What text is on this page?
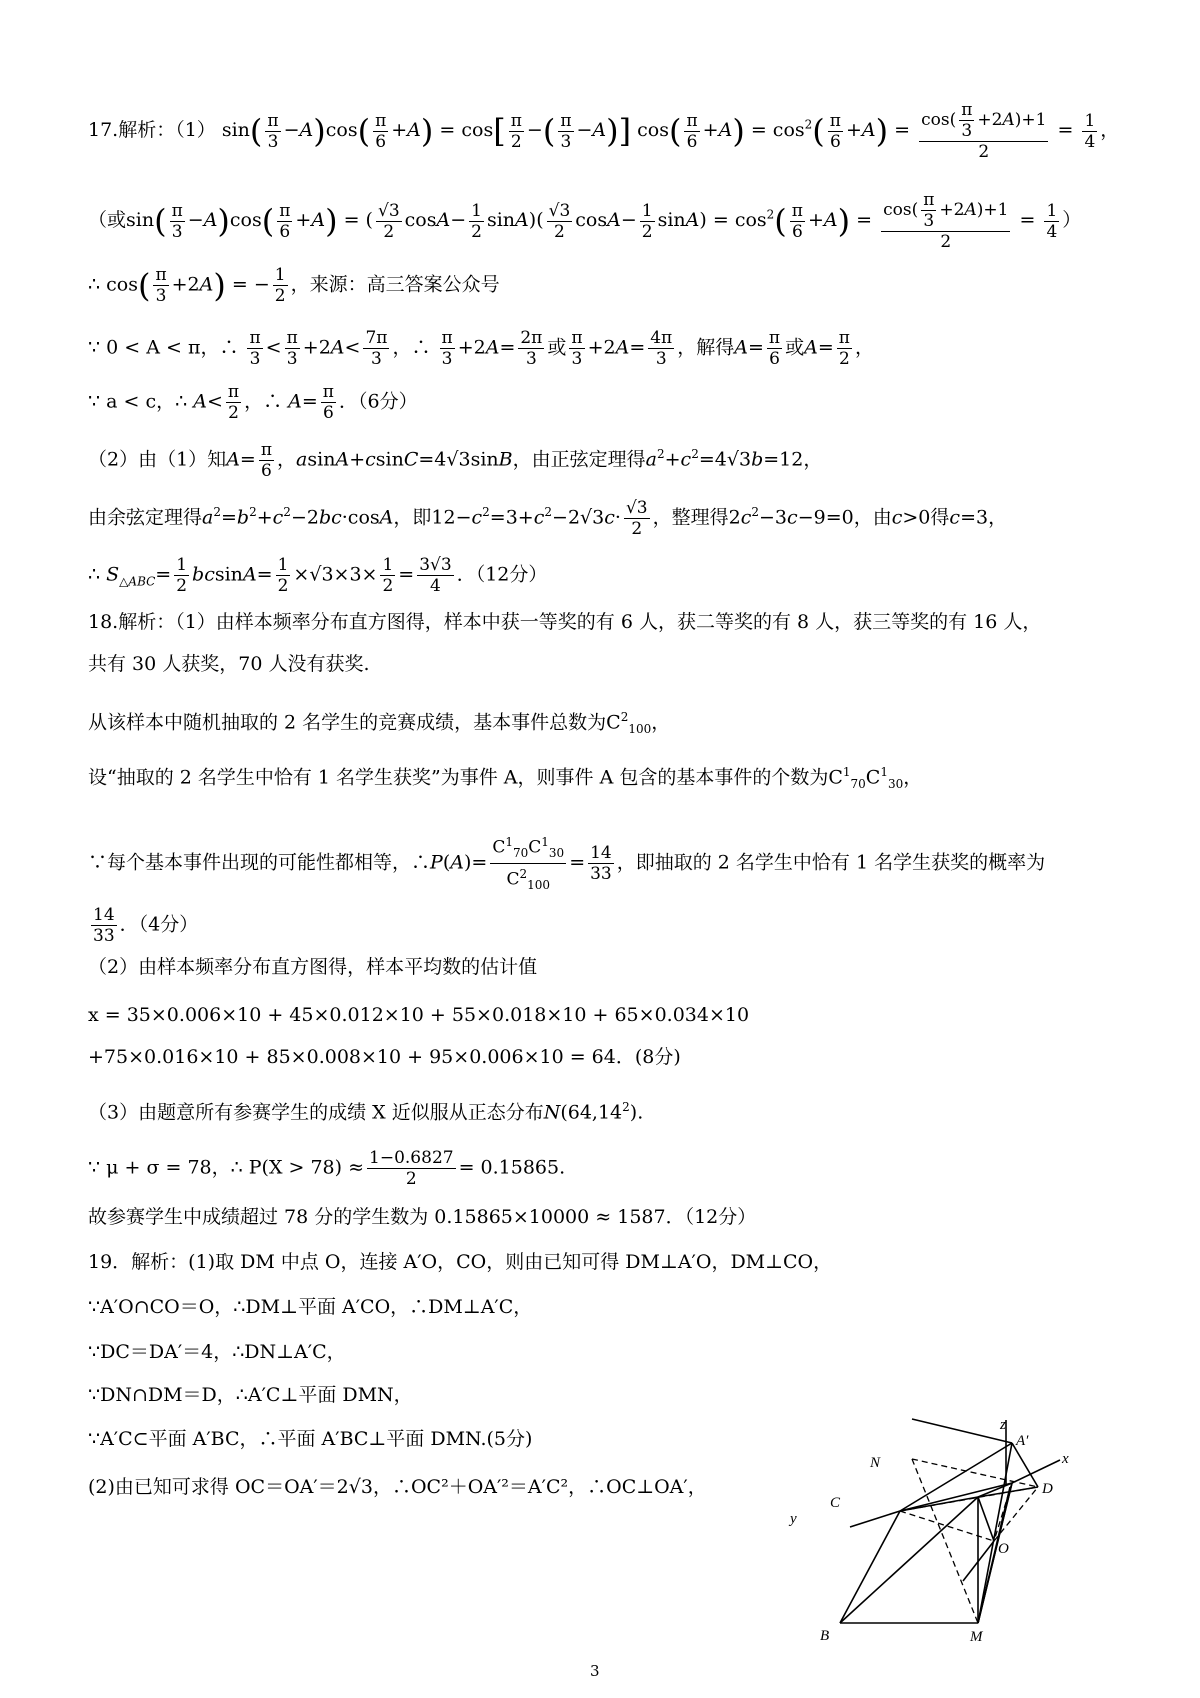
17.解析：（1） $\sin( \frac{\pi}{3} -A)\cos( \frac{\pi}{6} +A) = \cos[ \frac{\pi}{2}$ −( $\frac{\pi}{3} -A$)] $\cos( \frac{\pi}{6} +A) = \cos^2( \frac{\pi}{6} +A) = \frac{\cos( \frac{\pi}{3} +2A)+1}{2} = \frac{1}{4}$ ，
（或$\sin( \frac{\pi}{3} -A)\cos( \frac{\pi}{6} +A)$ = ( $\frac{√3}{2} \cos A- \frac{1}{2} \sin A)( \frac{√3}{2} \cos A- \frac{1}{2} \sin A) = \cos^2( \frac{\pi}{6} +A) = \frac{\cos( \frac{\pi}{3} +2A)+1}{2} = \frac{1}{4}$ ）
∴ $\cos( \frac{\pi}{3} +2A)$ = − $\frac{1}{2}$ ，来源：高三答案公众号
∵ 0 < A < π，∴ $\frac{\pi}{3} < \frac{\pi}{3} +2A< \frac{7\pi}{3}$ ，∴ $\frac{\pi}{3} +2A= \frac{2\pi}{3}$ 或 $\frac{\pi}{3} +2A= \frac{4\pi}{3}$ ，解得$A= \frac{\pi}{6}$ 或$A= \frac{\pi}{2}$ ，
∵ a < c，∴ $A< \frac{\pi}{2}$ ，∴ $A= \frac{\pi}{6}$ ．（6分）
（2）由（1）知$A= \frac{\pi}{6}$ ，asinA+csinC=4√3sinB，由正弦定理得$a^2+c^2=4√3b=12$，
由余弦定理得$a^2=b^2+c^2-2bc\cdot\cos A$，即$12-c^2=3+c^2-2√3c\cdot \frac{√3}{2}$ ，整理得$2c^2-3c-9=0$，由c>0得c=3，
∴ $S_{\triangle ABC}= \frac{1}{2} bcsinA= \frac{1}{2} \times√3\times 3\times \frac{1}{2} = \frac{3√3}{4}$ ．（12分）
18.解析：（1）由样本频率分布直方图得，样本中获一等奖的有 6 人，获二等奖的有 8 人，获三等奖的有 16 人，
共有 30 人获奖，70 人没有获奖.
从该样本中随机抽取的 2 名学生的竞赛成绩，基本事件总数为$C^2_{100}$，
设“抽取的 2 名学生中恰有 1 名学生获奖”为事件 A，则事件 A 包含的基本事件的个数为$C^1_{70}C^1_{30}$，
∵每个基本事件出现的可能性都相等，∴P(A)= $\frac{C^1_{70}C^1_{30}}{C^2_{100}} = \frac{14}{33}$ ，即抽取的 2 名学生中恰有 1 名学生获奖的概率为
$\frac{14}{33}$ ．（4分）
（2）由样本频率分布直方图得，样本平均数的估计值
x = 35×0.006×10 + 45×0.012×10 + 55×0.018×10 + 65×0.034×10
+75×0.016×10 + 85×0.008×10 + 95×0.006×10 = 64．(8分)
（3）由题意所有参赛学生的成绩 X 近似服从正态分布N(64,14$^2$).
∵ μ + σ = 78，∴ $P(X > 78) \approx \frac{1-0.6827}{2} = 0.15865$.
故参赛学生中成绩超过 78 分的学生数为 0.15865×10000 ≈ 1587．（12分）
19．解析：(1)取 DM 中点 O，连接 A′O，CO，则由已知可得 DM⊥A′O，DM⊥CO，
∵A′O∩CO＝O，∴DM⊥平面 A′CO，∴DM⊥A′C，
∵DC＝DA′＝4，∴DN⊥A′C，
∵DN∩DM＝D，∴A′C⊥平面 DMN，
∵A′C⊂平面 A′BC，∴平面 A′BC⊥平面 DMN.(5分)
(2)由已知可求得 OC＝OA′＝2√3，∴OC²＋OA′²＝A′C²，∴OC⊥OA′，
z
A′
N	x
C
y
D
O
B	M
3
